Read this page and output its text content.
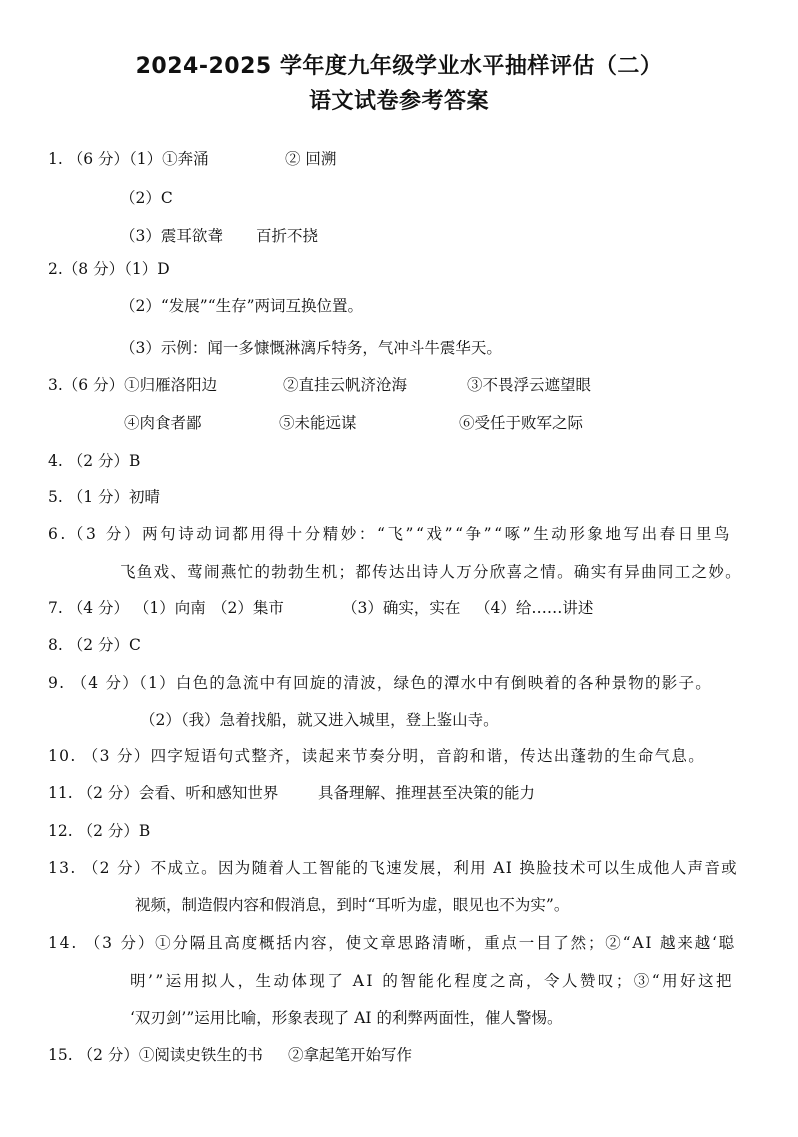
2024-2025 学年度九年级学业水平抽样评估（二）
语文试卷参考答案
1. （6 分）（1）①奔涌	② 回溯
（2）C
（3）震耳欲聋 百折不挠
2.（8 分）（1）D
（2）“发展”“生存”两词互换位置。
（3）示例：闻一多慷慨淋漓斥特务，气冲斗牛震华天。
3.（6 分）①归雁洛阳边	②直挂云帆济沧海	③不畏浮云遮望眼
④肉食者鄙	⑤未能远谋	⑥受任于败军之际
4. （2 分）B
5. （1 分）初晴
6.（3 分）两句诗动词都用得十分精妙：“飞”“戏”“争”“啄”生动形象地写出春日里鸟
飞鱼戏、莺闹燕忙的勃勃生机；都传达出诗人万分欣喜之情。确实有异曲同工之妙。
7. （4 分） （1）向南 （2）集市	（3）确实，实在 （4）给……讲述
8. （2 分）C
9. （4 分）（1）白色的急流中有回旋的清波，绿色的潭水中有倒映着的各种景物的影子。
（2）（我）急着找船，就又进入城里，登上鉴山寺。
10. （3 分）四字短语句式整齐，读起来节奏分明，音韵和谐，传达出蓬勃的生命气息。
11. （2 分）会看、听和感知世界	具备理解、推理甚至决策的能力
12. （2 分）B
13. （2 分）不成立。因为随着人工智能的飞速发展，利用 AI 换脸技术可以生成他人声音或
视频，制造假内容和假消息，到时“耳听为虚，眼见也不为实”。
14. （3 分）①分隔且高度概括内容，使文章思路清晰，重点一目了然；②“AI 越来越‘聪
明’”运用拟人，生动体现了 AI 的智能化程度之高，令人赞叹；③“用好这把
‘双刃剑’”运用比喻，形象表现了 AI 的利弊两面性，催人警惕。
15. （2 分）①阅读史铁生的书 ②拿起笔开始写作
